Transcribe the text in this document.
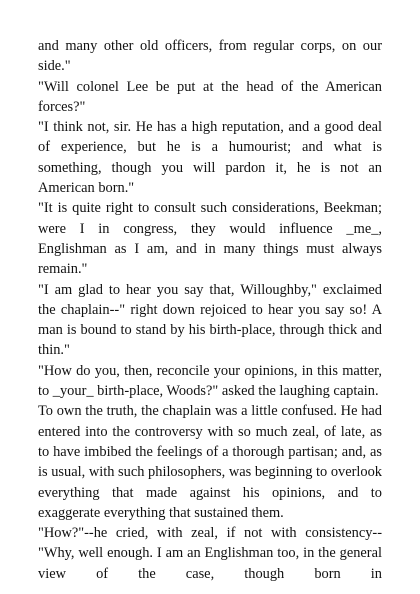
and many other old officers, from regular corps, on our side."

"Will colonel Lee be put at the head of the American forces?"

"I think not, sir. He has a high reputation, and a good deal of experience, but he is a humourist; and what is something, though you will pardon it, he is not an American born."

"It is quite right to consult such considerations, Beekman; were I in congress, they would influence _me_, Englishman as I am, and in many things must always remain."

"I am glad to hear you say that, Willoughby," exclaimed the chaplain--" right down rejoiced to hear you say so! A man is bound to stand by his birth-place, through thick and thin."

"How do you, then, reconcile your opinions, in this matter, to _your_ birth-place, Woods?" asked the laughing captain.

To own the truth, the chaplain was a little confused. He had entered into the controversy with so much zeal, of late, as to have imbibed the feelings of a thorough partisan; and, as is usual, with such philosophers, was beginning to overlook everything that made against his opinions, and to exaggerate everything that sustained them.

"How?"--he cried, with zeal, if not with consistency--"Why, well enough. I am an Englishman too, in the general view of the case, though born in
